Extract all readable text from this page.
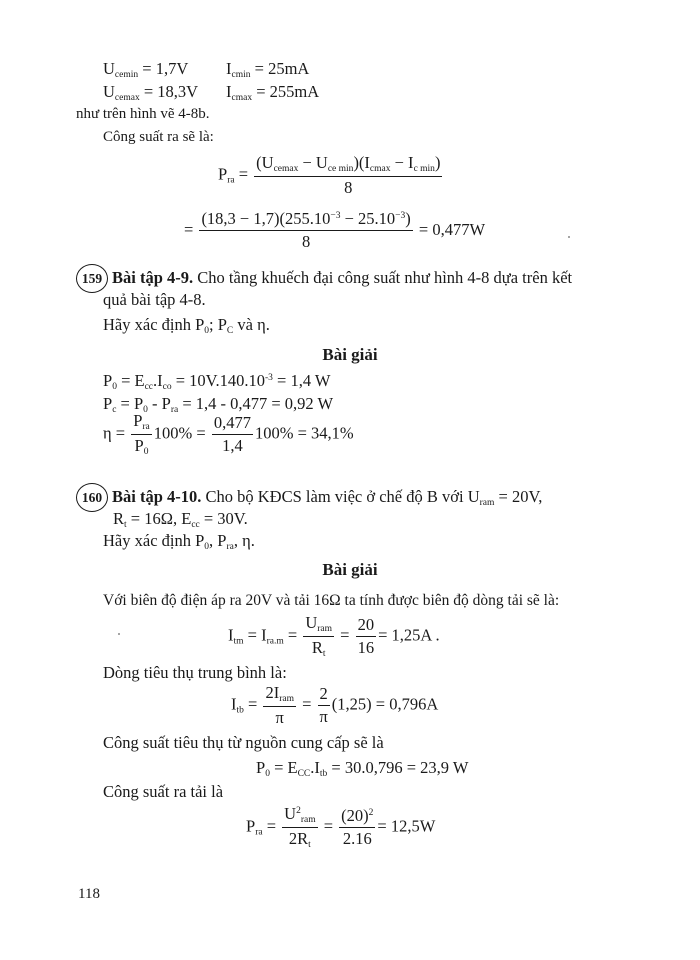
$U_{cemin} = 1,7V$ $I_{cmin} = 25mA$
$U_{cemax} = 18,3V$ $I_{cmax} = 255mA$
như trên hình vẽ 4-8b.
Công suất ra sẽ là:
$P_{ra} = \frac{(U_{cemax} - U_{ce min})(I_{cmax} - I_{c min})}{8}$
= $\frac{(18,3 - 1,7)(255.10^{-3} - 25.10^{-3})}{8} = 0,477W$
159 Bài tập 4-9. Cho tầng khuếch đại công suất như hình 4-8 dựa trên kết
quả bài tập 4-8.
Hãy xác định $P_0$; $P_C$ và η.
Bài giải
$P_0 = E_{cc}.I_{co} = 10V.140.10^{-3} = 1,4$ W
$P_c = P_0 - P_{ra} = 1,4 - 0,477 = 0,92$ W
$\eta = \frac{P_{ra}}{P_0} 100\% = \frac{0,477}{1,4} 100\% = 34,1\%$
160 Bài tập 4-10. Cho bộ KĐCS làm việc ở chế độ B với $U_{ram} = 20V$,
$R_t = 16\Omega$, $E_{cc} = 30V$.
Hãy xác định $P_0$, $P_{ra}$, η.
Bài giải
Với biên độ điện áp ra 20V và tải 16Ω ta tính được biên độ dòng tải sẽ là:
$I_{tm} = I_{ra.m} = \frac{U_{ram}}{R_t} = \frac{20}{16} = 1,25A$ .
Dòng tiêu thụ trung bình là:
$I_{tb} = \frac{2I_{ram}}{\pi} = \frac{2}{\pi} (1,25) = 0,796A$
Công suất tiêu thụ từ nguồn cung cấp sẽ là
$P_0 = E_{CC}.I_{tb} = 30.0,796 = 23,9$ W
Công suất ra tải là
$P_{ra} = \frac{U^2_{ram}}{2R_t} = \frac{(20)^2}{2.16} = 12,5W$
118
